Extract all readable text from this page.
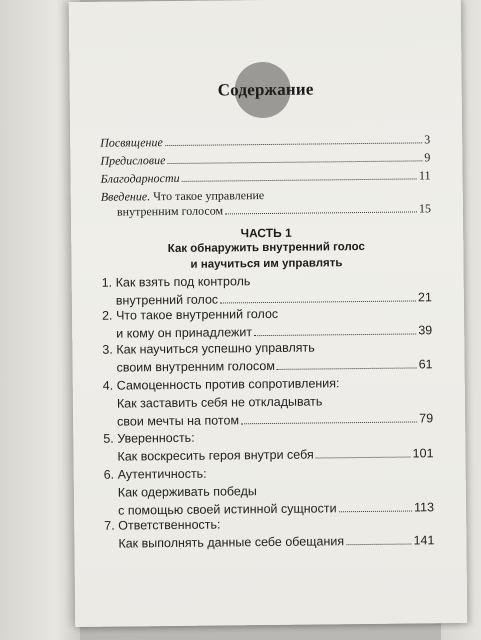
Содержание
Посвящение	3
Предисловие	9
Благодарности	11
Введение. Что такое управление
внутренним голосом	15
ЧАСТЬ 1
Как обнаружить внутренний голос
и научиться им управлять
1. Как взять под контроль
внутренний голос	21
2. Что такое внутренний голос
и кому он принадлежит	39
3. Как научиться успешно управлять
своим внутренним голосом	61
4. Самоценность против сопротивления:
Как заставить себя не откладывать
свои мечты на потом	79
5. Уверенность:
Как воскресить героя внутри себя	101
6. Аутентичность:
Как одерживать победы
с помощью своей истинной сущности	113
7. Ответственность:
Как выполнять данные себе обещания	141
